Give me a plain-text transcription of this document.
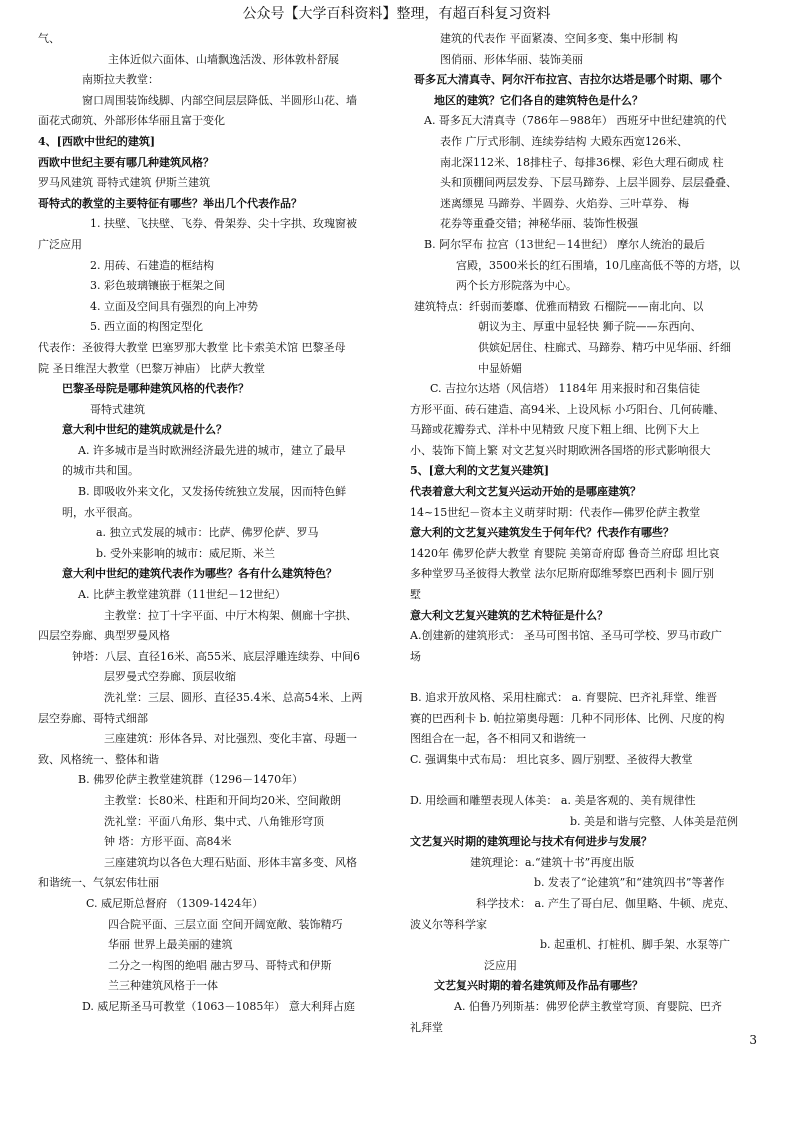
公众号【大学百科资料】整理，有超百科复习资料
气、
主体近似六面体、山墙飘逸活泼、形体敦朴舒展
南斯拉夫教堂：
窗口周围装饰线脚、内部空间层层降低、半圆形山花、墙
面花式砌筑、外部形体华丽且富于变化
4、[西欧中世纪的建筑]
西欧中世纪主要有哪几种建筑风格？
罗马风建筑 哥特式建筑 伊斯兰建筑
哥特式的教堂的主要特征有哪些？举出几个代表作品？
1. 扶壁、飞扶壁、飞券、骨架券、尖十字拱、玫瑰窗被
广泛应用
2. 用砖、石建造的框结构
3. 彩色玻璃镶嵌于框架之间
4. 立面及空间具有强烈的向上冲势
5. 西立面的构图定型化
代表作：圣彼得大教堂 巴塞罗那大教堂 比卡索美术馆 巴黎圣母
院 圣日维涅大教堂（巴黎万神庙） 比萨大教堂
巴黎圣母院是哪种建筑风格的代表作？
哥特式建筑
意大利中世纪的建筑成就是什么？
A. 许多城市是当时欧洲经济最先进的城市，建立了最早
的城市共和国。
B. 即吸收外来文化，又发扬传统独立发展，因而特色鲜
明，水平很高。
a. 独立式发展的城市：比萨、佛罗伦萨、罗马
b. 受外来影响的城市：威尼斯、米兰
意大利中世纪的建筑代表作为哪些？各有什么建筑特色？
A. 比萨主教堂建筑群（11世纪－12世纪）
主教堂：拉丁十字平面、中厅木构架、侧廊十字拱、
四层空券廊、典型罗曼风格
钟塔：八层、直径16米、高55米、底层浮雕连续券、中间6
层罗曼式空券廊、顶层收缩
洗礼堂：三层、圆形、直径35.4米、总高54米、上两
层空券廊、哥特式细部
三座建筑：形体各异、对比强烈、变化丰富、母题一
致、风格统一、整体和谐
B. 佛罗伦萨主教堂建筑群（1296－1470年）
主教堂：长80米、柱距和开间均20米、空间敞朗
洗礼堂：平面八角形、集中式、八角锥形穹顶
钟 塔：方形平面、高84米
三座建筑均以各色大理石贴面、形体丰富多变、风格
和谐统一、气氛宏伟壮丽
C. 威尼斯总督府 （1309-1424年）
四合院平面、三层立面 空间开阔宽敞、装饰精巧
华丽 世界上最美丽的建筑
二分之一构图的绝唱 融古罗马、哥特式和伊斯
兰三种建筑风格于一体
D. 威尼斯圣马可教堂（1063－1085年） 意大利拜占庭
建筑的代表作 平面紧凑、空间多变、集中形制 构
图俏丽、形体华丽、装饰美丽
哥多瓦大清真寺、阿尔汗布拉宫、吉拉尔达塔是哪个时期、哪个
地区的建筑？它们各自的建筑特色是什么？
A. 哥多瓦大清真寺（786年－988年） 西班牙中世纪建筑的代
表作 广厅式形制、连续券结构 大殿东西宽126米、
南北深112米、18排柱子、每排36棵、彩色大理石砌成 柱
头和顶棚间两层发券、下层马蹄券、上层半圆券、层层叠叠、
迷离缥晃 马蹄券、半圆券、火焰券、三叶草券、 梅
花券等重叠交错；神秘华丽、装饰性极强
B. 阿尔罕布 拉宫（13世纪－14世纪） 摩尔人统治的最后
宫殿，3500米长的红石围墙，10几座高低不等的方塔，以
两个长方形院落为中心。
建筑特点：纤弱而萎靡、优雅而精致 石榴院——南北向、以
朝议为主、厚重中显轻快 狮子院——东西向、
供嫔妃居住、柱廊式、马蹄券、精巧中见华丽、纤细
中显娇媚
C. 吉拉尔达塔（风信塔） 1184年 用来报时和召集信徒
方形平面、砖石建造、高94米、上设风标 小巧阳台、几何砖雕、
马蹄或花瓣券式、洋朴中见精致 尺度下粗上细、比例下大上
小、装饰下简上繁 对文艺复兴时期欧洲各国塔的形式影响很大
5、[意大利的文艺复兴建筑]
代表着意大利文艺复兴运动开始的是哪座建筑？
14~15世纪－资本主义萌芽时期：代表作—佛罗伦萨主教堂
意大利的文艺复兴建筑发生于何年代？代表作有哪些？
1420年 佛罗伦萨大教堂 育婴院 美第奇府邸 鲁奇兰府邸 坦比哀
多种堂罗马圣彼得大教堂 法尔尼斯府邸维琴察巴西利卡 圆厅别
墅
意大利文艺复兴建筑的艺术特征是什么？
A.创建新的建筑形式： 圣马可图书馆、圣马可学校、罗马市政广
场
B. 追求开放风格、采用柱廊式： a. 育婴院、巴齐礼拜堂、维晋
赛的巴西利卡 b. 帕拉第奥母题：几种不同形体、比例、尺度的构
图组合在一起，各不相同又和谐统一
C. 强调集中式布局： 坦比哀多、圆厅别墅、圣彼得大教堂
D. 用绘画和雕塑表现人体美： a. 美是客观的、美有规律性
b. 美是和谐与完整、人体美是范例
文艺复兴时期的建筑理论与技术有何进步与发展？
建筑理论：a.“建筑十书”再度出版
b. 发表了“论建筑”和“建筑四书”等著作
科学技术： a. 产生了哥白尼、伽里略、牛顿、虎克、
波义尔等科学家
b. 起重机、打桩机、脚手架、水泵等广
泛应用
文艺复兴时期的着名建筑师及作品有哪些？
A. 伯鲁乃列斯基：佛罗伦萨主教堂穹顶、育婴院、巴齐
礼拜堂
3
